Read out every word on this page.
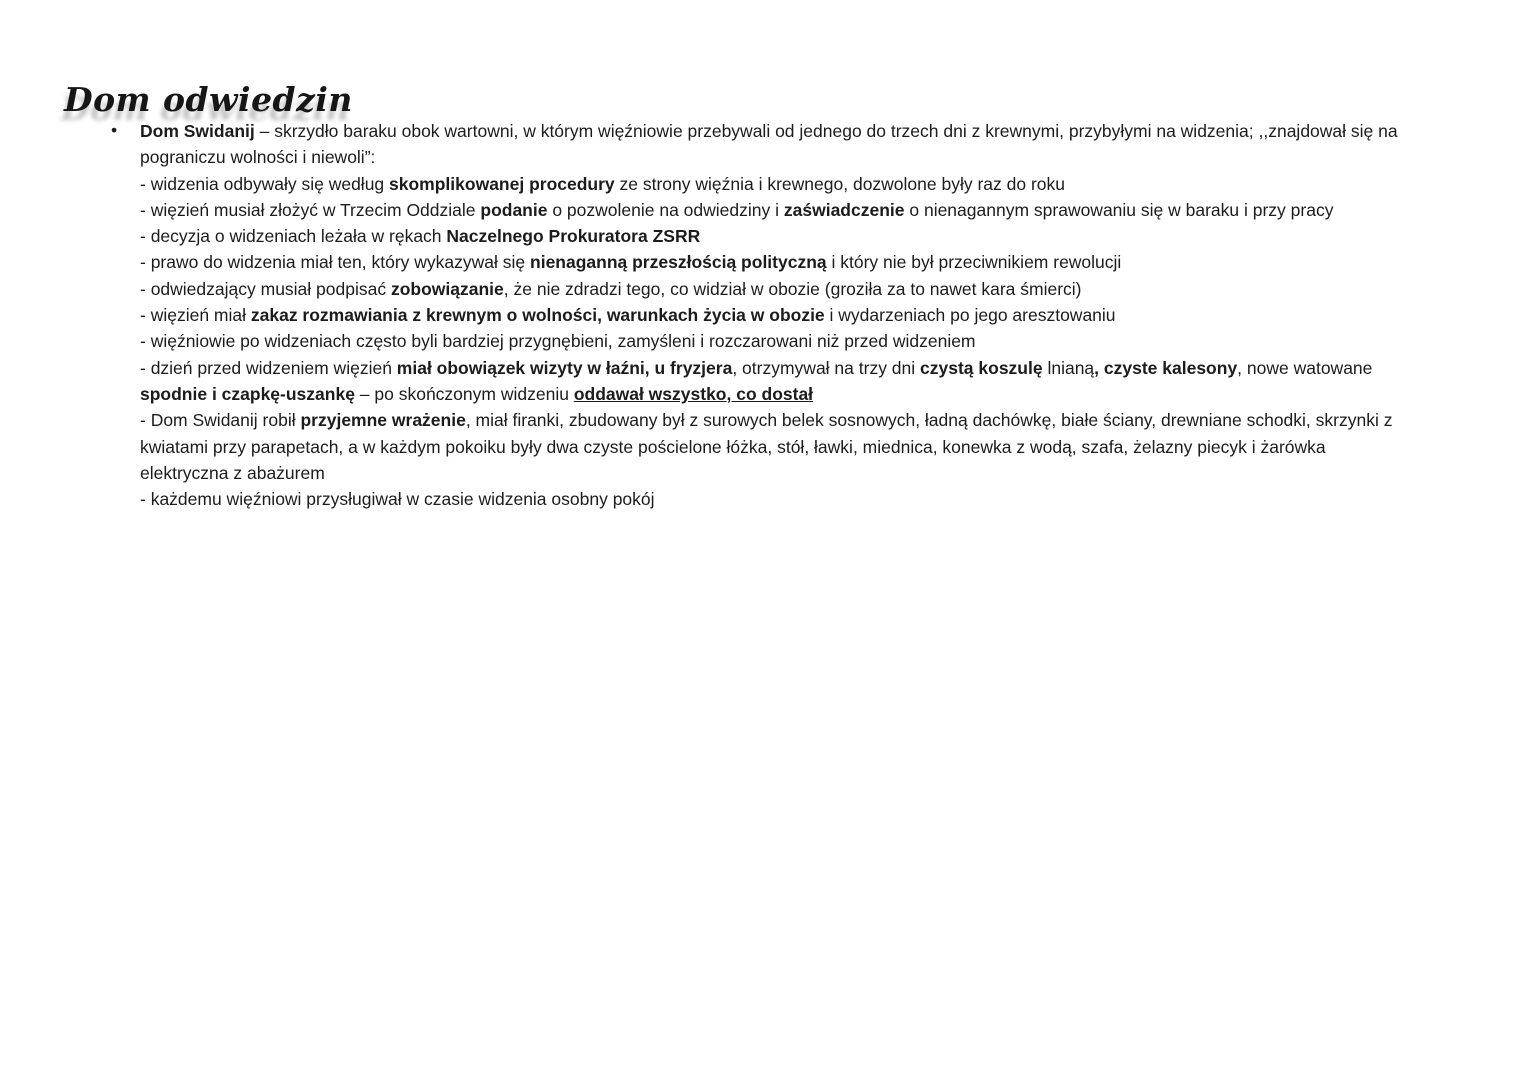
Dom odwiedzin
• Dom Swidanij – skrzydło baraku obok wartowni, w którym więźniowie przebywali od jednego do trzech dni z krewnymi, przybyłymi na widzenia; ,,znajdował się na
pograniczu wolności i niewoli”:
- widzenia odbywały się według skomplikowanej procedury ze strony więźnia i krewnego, dozwolone były raz do roku
- więzień musiał złożyć w Trzecim Oddziale podanie o pozwolenie na odwiedziny i zaświadczenie o nienagannym sprawowaniu się w baraku i przy pracy
- decyzja o widzeniach leżała w rękach Naczelnego Prokuratora ZSRR
- prawo do widzenia miał ten, który wykazywał się nienaganną przeszłością polityczną i który nie był przeciwnikiem rewolucji
- odwiedzający musiał podpisać zobowiązanie, że nie zdradzi tego, co widział w obozie (groziła za to nawet kara śmierci)
- więzień miał zakaz rozmawiania z krewnym o wolności, warunkach życia w obozie i wydarzeniach po jego aresztowaniu
- więźniowie po widzeniach często byli bardziej przygnębieni, zamyśleni i rozczarowani niż przed widzeniem
- dzień przed widzeniem więzień miał obowiązek wizyty w łaźni, u fryzjera, otrzymywał na trzy dni czystą koszulę lnianą, czyste kalesony, nowe watowane
spodnie i czapkę-uszankę – po skończonym widzeniu oddawał wszystko, co dostał
- Dom Swidanij robił przyjemne wrażenie, miał firanki, zbudowany był z surowych belek sosnowych, ładną dachówkę, białe ściany, drewniane schodki, skrzynki z
kwiatami przy parapetach, a w każdym pokoiku były dwa czyste pościelone łóżka, stół, ławki, miednica, konewka z wodą, szafa, żelazny piecyk i żarówka
elektryczna z abażurem
- każdemu więźniowi przysługiwał w czasie widzenia osobny pokój
